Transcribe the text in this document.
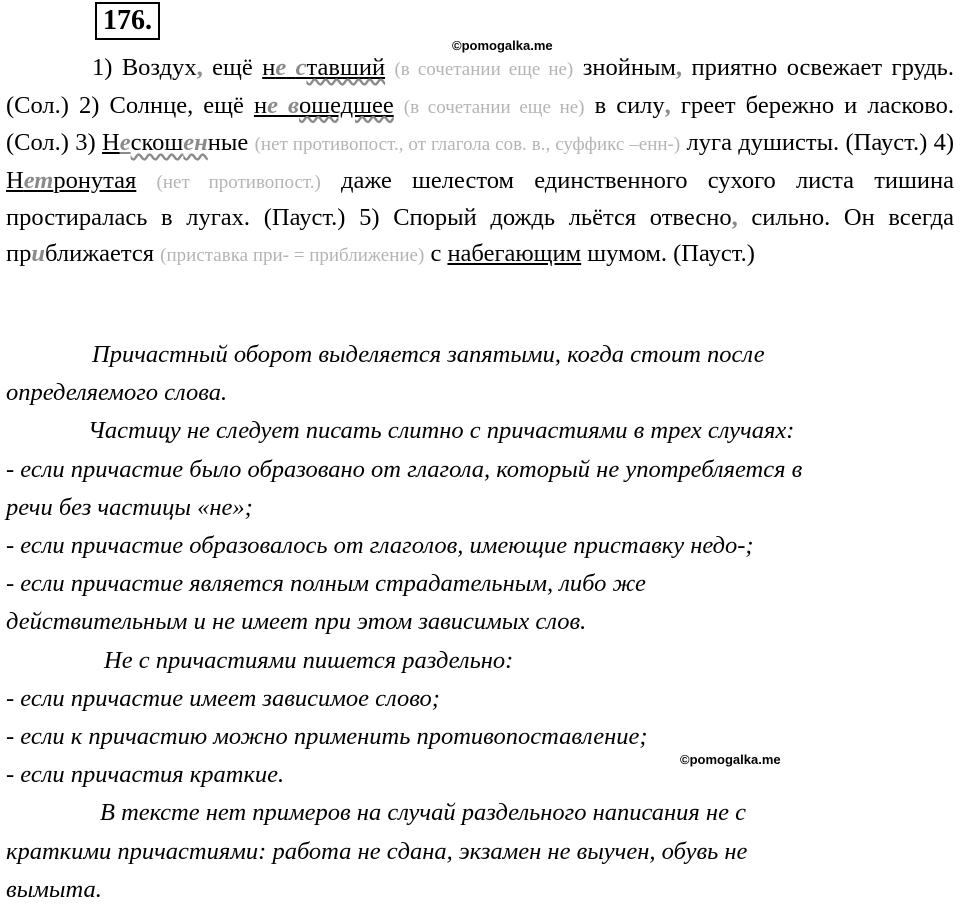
176.
©pomogalka.me
1) Воздух, ещё не ставший (в сочетании еще не) знойным, приятно освежает грудь. (Сол.) 2) Солнце, ещё не вошедшее (в сочетании еще не) в силу, греет бережно и ласково. (Сол.) 3) Нескошенные (нет противопост., от глагола сов. в., суффикс –енн-) луга душисты. (Пауст.) 4) Нетронутая (нет противопост.) даже шелестом единственного сухого листа тишина простиралась в лугах. (Пауст.) 5) Спорый дождь льётся отвесно, сильно. Он всегда приближается (приставка при- = приближение) с набегающим шумом. (Пауст.)
Причастный оборот выделяется запятыми, когда стоит после
определяемого слова.
Частицу не следует писать слитно с причастиями в трех случаях:
- если причастие было образовано от глагола, который не употребляется в
речи без частицы «не»;
- если причастие образовалось от глаголов, имеющие приставку недо-;
- если причастие является полным страдательным, либо же
действительным и не имеет при этом зависимых слов.
Не с причастиями пишется раздельно:
- если причастие имеет зависимое слово;
- если к причастию можно применить противопоставление;
- если причастия краткие.
В тексте нет примеров на случай раздельного написания не с
краткими причастиями: работа не сдана, экзамен не выучен, обувь не
вымыта.
©pomogalka.me
